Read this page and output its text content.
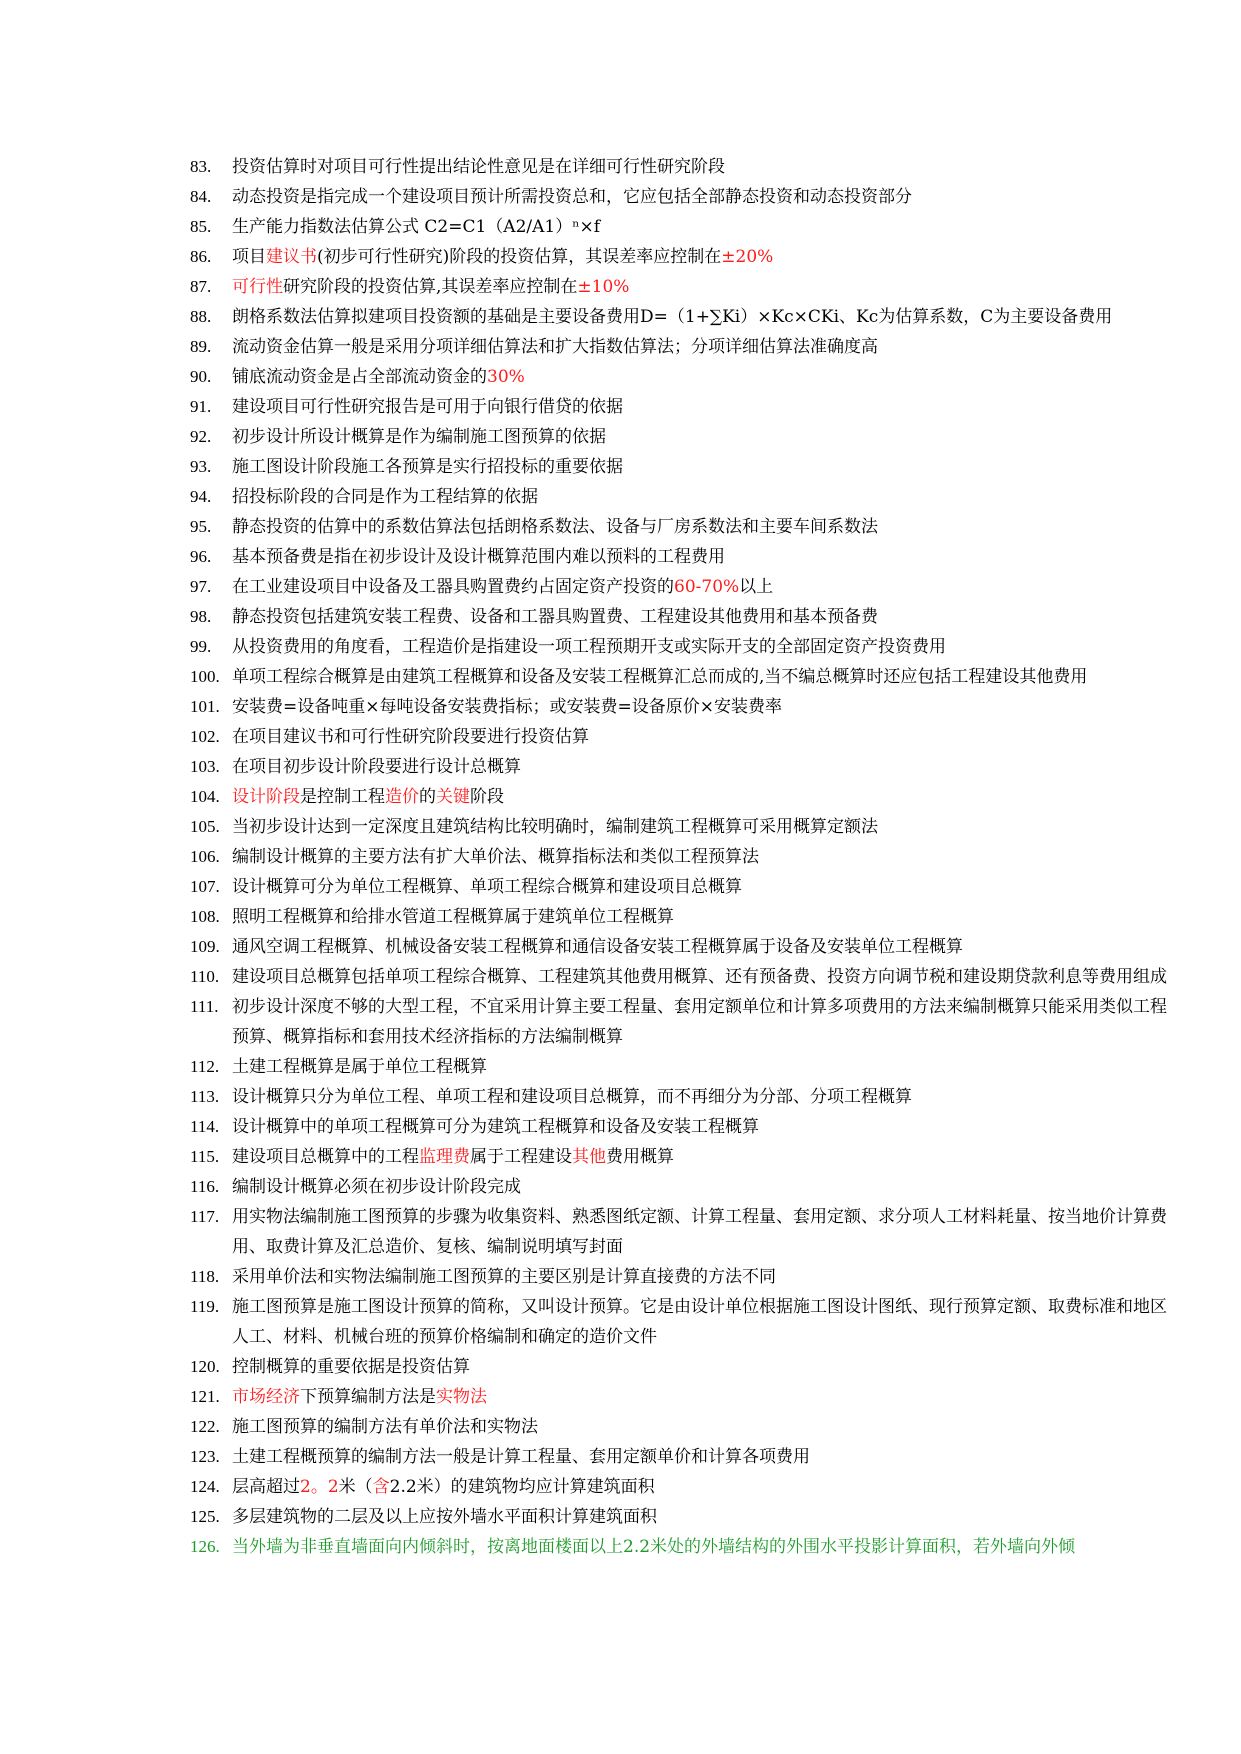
83. 投资估算时对项目可行性提出结论性意见是在详细可行性研究阶段
84. 动态投资是指完成一个建设项目预计所需投资总和，它应包括全部静态投资和动态投资部分
85. 生产能力指数法估算公式 C2=C1（A2/A1）ⁿ×f
86. 项目建议书(初步可行性研究)阶段的投资估算，其误差率应控制在±20%
87. 可行性研究阶段的投资估算,其误差率应控制在±10%
88. 朗格系数法估算拟建项目投资额的基础是主要设备费用D=（1+∑Ki）×Kc×CKi、Kc为估算系数，C为主要设备费用
89. 流动资金估算一般是采用分项详细估算法和扩大指数估算法；分项详细估算法准确度高
90. 铺底流动资金是占全部流动资金的30%
91. 建设项目可行性研究报告是可用于向银行借贷的依据
92. 初步设计所设计概算是作为编制施工图预算的依据
93. 施工图设计阶段施工各预算是实行招投标的重要依据
94. 招投标阶段的合同是作为工程结算的依据
95. 静态投资的估算中的系数估算法包括朗格系数法、设备与厂房系数法和主要车间系数法
96. 基本预备费是指在初步设计及设计概算范围内难以预料的工程费用
97. 在工业建设项目中设备及工器具购置费约占固定资产投资的60-70%以上
98. 静态投资包括建筑安装工程费、设备和工器具购置费、工程建设其他费用和基本预备费
99. 从投资费用的角度看，工程造价是指建设一项工程预期开支或实际开支的全部固定资产投资费用
100. 单项工程综合概算是由建筑工程概算和设备及安装工程概算汇总而成的,当不编总概算时还应包括工程建设其他费用
101. 安装费=设备吨重×每吨设备安装费指标；或安装费=设备原价×安装费率
102. 在项目建议书和可行性研究阶段要进行投资估算
103. 在项目初步设计阶段要进行设计总概算
104. 设计阶段是控制工程造价的关键阶段
105. 当初步设计达到一定深度且建筑结构比较明确时，编制建筑工程概算可采用概算定额法
106. 编制设计概算的主要方法有扩大单价法、概算指标法和类似工程预算法
107. 设计概算可分为单位工程概算、单项工程综合概算和建设项目总概算
108. 照明工程概算和给排水管道工程概算属于建筑单位工程概算
109. 通风空调工程概算、机械设备安装工程概算和通信设备安装工程概算属于设备及安装单位工程概算
110. 建设项目总概算包括单项工程综合概算、工程建筑其他费用概算、还有预备费、投资方向调节税和建设期贷款利息等费用组成
111. 初步设计深度不够的大型工程，不宜采用计算主要工程量、套用定额单位和计算多项费用的方法来编制概算只能采用类似工程预算、概算指标和套用技术经济指标的方法编制概算
112. 土建工程概算是属于单位工程概算
113. 设计概算只分为单位工程、单项工程和建设项目总概算，而不再细分为分部、分项工程概算
114. 设计概算中的单项工程概算可分为建筑工程概算和设备及安装工程概算
115. 建设项目总概算中的工程监理费属于工程建设其他费用概算
116. 编制设计概算必须在初步设计阶段完成
117. 用实物法编制施工图预算的步骤为收集资料、熟悉图纸定额、计算工程量、套用定额、求分项人工材料耗量、按当地价计算费用、取费计算及汇总造价、复核、编制说明填写封面
118. 采用单价法和实物法编制施工图预算的主要区别是计算直接费的方法不同
119. 施工图预算是施工图设计预算的简称，又叫设计预算。它是由设计单位根据施工图设计图纸、现行预算定额、取费标准和地区人工、材料、机械台班的预算价格编制和确定的造价文件
120. 控制概算的重要依据是投资估算
121. 市场经济下预算编制方法是实物法
122. 施工图预算的编制方法有单价法和实物法
123. 土建工程概预算的编制方法一般是计算工程量、套用定额单价和计算各项费用
124. 层高超过2。2米（含2.2米）的建筑物均应计算建筑面积
125. 多层建筑物的二层及以上应按外墙水平面积计算建筑面积
126. 当外墙为非垂直墙面向内倾斜时，按离地面楼面以上2.2米处的外墙结构的外围水平投影计算面积，若外墙向外倾
